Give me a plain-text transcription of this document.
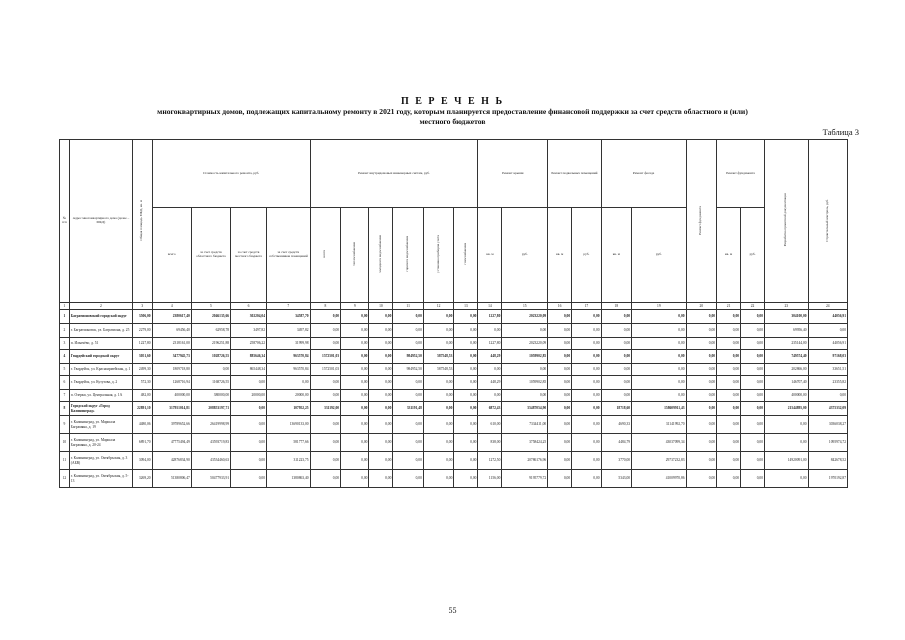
П Е Р Е Ч Е Н Ь
многоквартирных домов, подлежащих капитальному ремонту в 2021 году, которым планируется предоставление финансовой поддержки за счет средств областного и (или)
местного бюджетов
Таблица 3
№ п/п	Адрес многоквартирного дома (далее – МКД)	Общая площадь МКД, кв. м	Стоимость капитального ремонта, руб.				Ремонт внутридомовых инженерных систем, руб.						Ремонт крыши		Ремонт подвальных помещений		Ремонт фасада		Ремонт фундамента	Ремонт фундамента		Разработка проектной документации	Строительный контроль, руб.
			всего	за счет средств областного бюджета	за счет средств местного бюджета	за счет средств собственников помещений	всего	теплоснабжения	холодного водоснабжения	горячего водоснабжения	установка приборов учета	газоснабжения	кв. м	руб.	кв. м	руб.	кв. м	руб.		кв. м	руб.		
1	2	3	4	5	6	7	8	9	10	11	12	13	14	15	16	17	18	19	20	21	22	23	24
1	Багратионовский городской округ	3506,00	2380617,40	2046135,66	302204,04	34587,70	0,00	0,00	0,00	0,00	0,00	0,00	1227,80	2023220,09	0,00	0,00	0,00	0,00	0,00	0,00	0,00	304100,00	44056,91
2	г. Багратионовск, ул. Багратиона, д. 25	2279,00	69456,40	62958,78	3497,82	3497,82	0,00	0,00	0,00	0,00	0,00	0,00	0,00	0,00	0,00	0,00	0,00	0,00	0,00	0,00	0,00	69956,40	0,00
3	п. Ильичёво, д. 51	1227,80	2318161,00	2196251,88	258706,22	31999,98	0,00	0,00	0,00	0,00	0,00	0,00	1227,80	2023220,09	0,00	0,00	0,00	0,00	0,00	0,00	0,00	235144,00	44056,91
4	Гвардейский городской округ	3051,60	3477945,73	1028726,55	885646,34	963570,84	1572501,03	0,00	0,00	984952,50	587548,53	0,00	448,29	1059902,85	0,00	0,00	0,00	0,00	0,00	0,00	0,00	749574,40	97168,03
5	г. Гвардейск, ул. Красноармейская, д. 1	2499,30	1809718,80	0,00	865448,34	963570,84	1572501,03	0,00	0,00	984952,50	587548,53	0,00	0,00	0,00	0,00	0,00	0,00	0,00	0,00	0,00	0,00	202866,00	33651,51
6	г. Гвардейск, ул. Кутузова, д. 2	572,30	1268716,94	1168726,55	0,00	0,00	0,00	0,00	0,00	0,00	0,00	0,00	448,29	1059902,85	0,00	0,00	0,00	0,00	0,00	0,00	0,00	146707,40	23355,82
7	п. Озерки, ул. Центральная, д. 1А	482,00	400000,00	380000,00	20000,00	20000,00	0,00	0,00	0,00	0,00	0,00	0,00	0,00	0,00	0,00	0,00	0,00	0,00	0,00	0,00	0,00	400000,00	0,00
8	Городской округ «Город Калининград»	22891,10	317951014,81	208853197,71	0,00	107952,25	331192,00	0,00	0,00	331191,48	0,00	0,00	6872,43	55487054,90	0,00	0,00	18718,60	158609911,43	0,00	0,00	0,00	21544895,00	4375332,09
9	г. Калининград, ул. Маршала Баграмяна, д. 19	4480,06	39789652,66	26419998,99	0,00	13690133,00	0,00	0,00	0,00	0,00	0,00	0,00	610,00	7334411,00	0,00	0,00	4690,33	31141992,70	0,00	0,00	0,00	0,00	3036038,27
10	г. Калининград, ул. Маршала Баграмяна, д. 20-24	6891,70	47775494,49	43593719,83	0,00	581777,66	0,00	0,00	0,00	0,00	0,00	0,00	838,00	3758424,25	0,00	0,00	4484,79	43037099,34	0,00	0,00	0,00	0,00	1095974,72
11	г. Калининград, ул. Октябрьская, д. 3 (АБВ)	3094,00	42876834,90	43534460,63	0,00	311223,75	0,00	0,00	0,00	0,00	0,00	0,00	1272,50	20786176,96	0,00	0,00	3770,00	29737232,83	0,00	0,00	0,00	14920091,00	842678,52
12	г. Калининград, ул. Октябрьская, д. 5-13	3269,20	51380806,47	50477933,91	0,00	1380863,40	0,00	0,00	0,00	0,00	0,00	0,00	1156,00	9195779,72	0,00	0,00	5343,00	41009970,86	0,00	0,00	0,00	0,00	1970192,87
55
